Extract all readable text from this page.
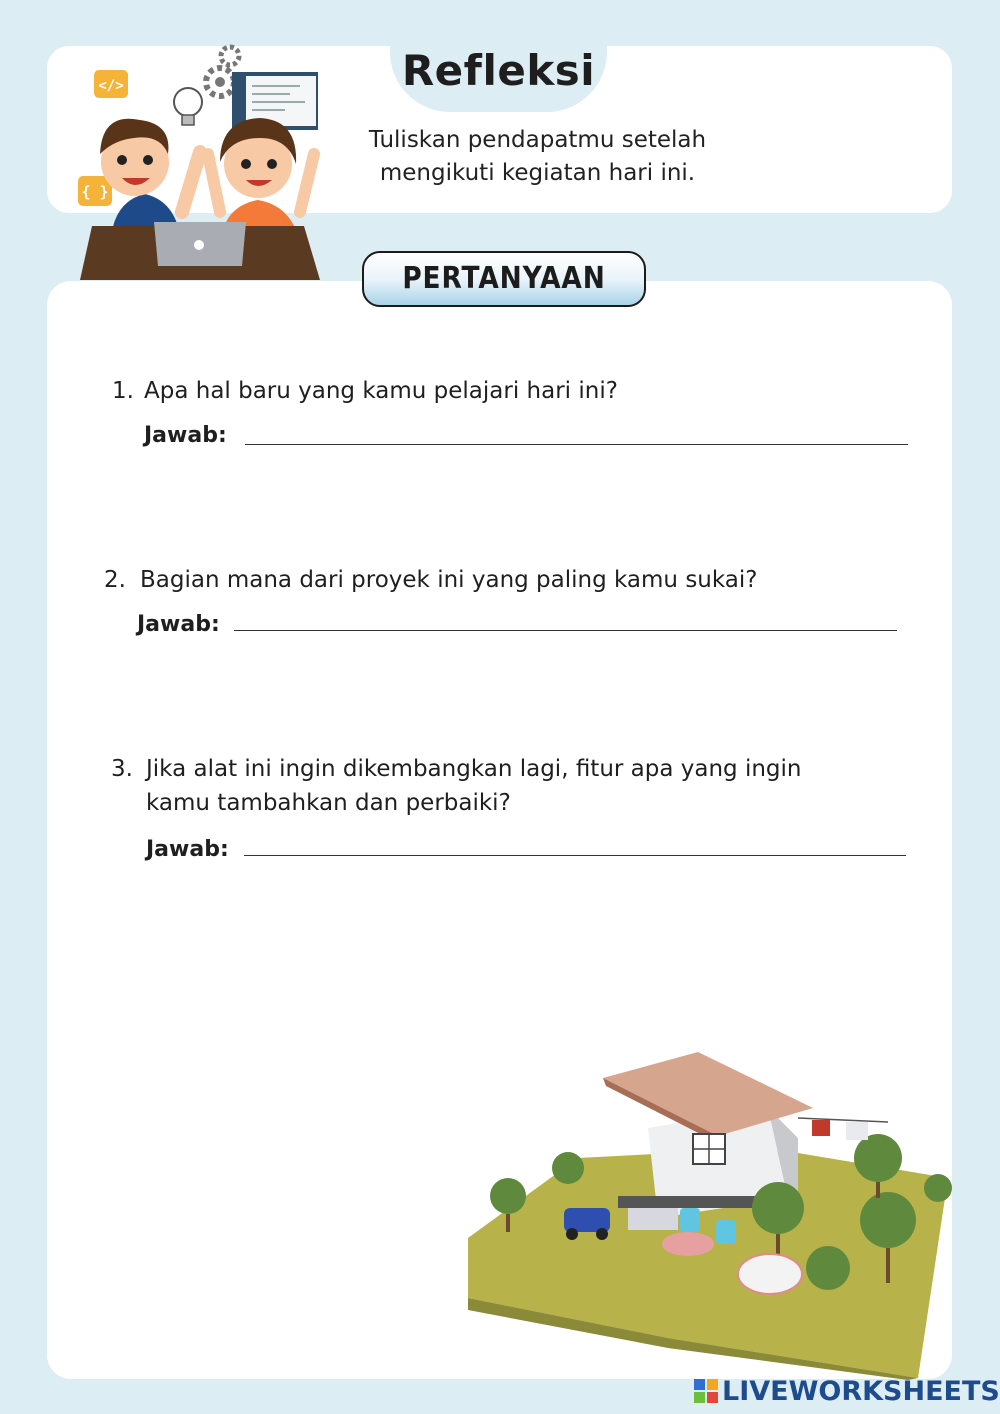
Refleksi
Tuliskan pendapatmu setelah
mengikuti kegiatan hari ini.
</>
{ }
PERTANYAAN
1. Apa hal baru yang kamu pelajari hari ini?
Jawab:
2. Bagian mana dari proyek ini yang paling kamu sukai?
Jawab:
3. Jika alat ini ingin dikembangkan lagi, fitur apa yang ingin
kamu tambahkan dan perbaiki?
Jawab:
LIVEWORKSHEETS
